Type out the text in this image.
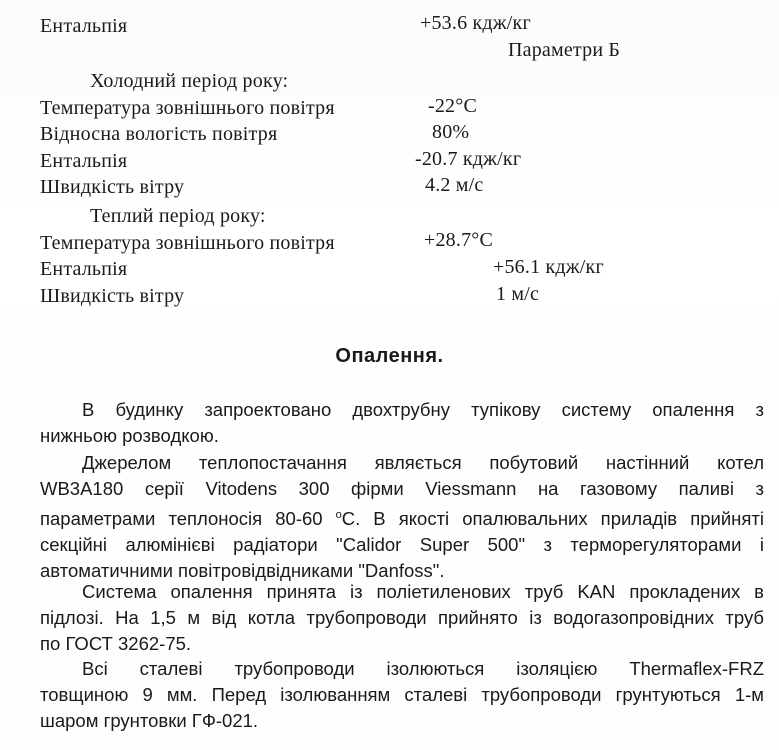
Ентальпія	+53.6 кдж/кг
Параметри Б
Холодний період року:
Температура зовнішнього повітря	-22°C
Відносна вологість повітря	80%
Ентальпія	-20.7 кдж/кг
Швидкість вітру	4.2 м/с
Теплий період року:
Температура зовнішнього повітря	+28.7°C
Ентальпія	+56.1 кдж/кг
Швидкість вітру	1 м/с
Опалення.
В будинку запроектовано двохтрубну тупікову систему опалення з
нижньою розводкою.
Джерелом теплопостачання являється побутовий настінний котел
WB3A180 серії Vitodens 300 фірми Viessmann на газовому паливі з
параметрами теплоносія 80-60 $^о$С. В якості опалювальних приладів прийняті
секційні алюмінієві радіатори "Calidor Super 500" з терморегуляторами і
автоматичними повітровідвідниками "Danfoss".
Система опалення принята із поліетиленових труб KAN прокладених в
підлозі. На 1,5 м від котла трубопроводи прийнято із водогазопровідних труб
по ГОСТ 3262-75.
Всі сталеві трубопроводи ізолюються ізоляцією Thermaflex-FRZ
товщиною 9 мм. Перед ізолюванням сталеві трубопроводи грунтуються 1-м
шаром грунтовки ГФ-021.
